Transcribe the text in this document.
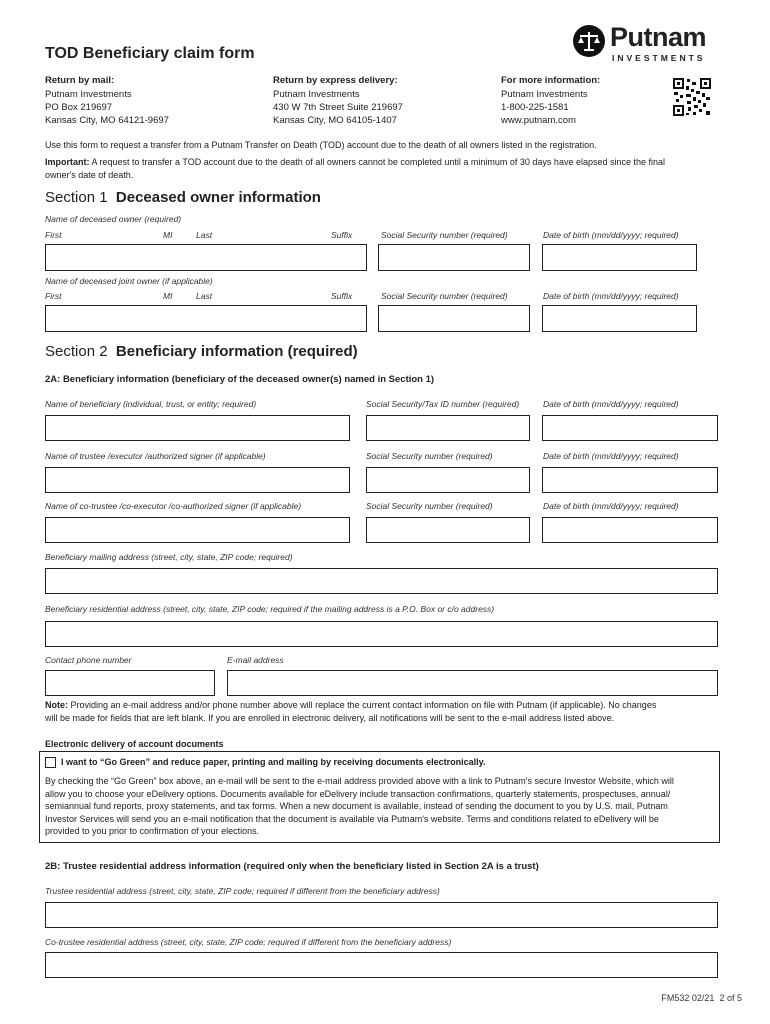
TOD Beneficiary claim form
Putnam
INVESTMENTS
Return by mail:
Putnam Investments
PO Box 219697
Kansas City, MO 64121-9697
Return by express delivery:
Putnam Investments
430 W 7th Street Suite 219697
Kansas City, MO 64105-1407
For more information:
Putnam Investments
1-800-225-1581
www.putnam.com
Use this form to request a transfer from a Putnam Transfer on Death (TOD) account due to the death of all owners listed in the registration.
Important: A request to transfer a TOD account due to the death of all owners cannot be completed until a minimum of 30 days have elapsed since the final
owner's date of death.
Section 1 Deceased owner information
Name of deceased owner (required)
First	MI	Last	Suffix	Social Security number (required)	Date of birth (mm/dd/yyyy; required)
Name of deceased joint owner (if applicable)
First	MI	Last	Suffix	Social Security number (required)	Date of birth (mm/dd/yyyy; required)
Section 2 Beneficiary information (required)
2A: Beneficiary information (beneficiary of the deceased owner(s) named in Section 1)
Name of beneficiary (individual, trust, or entity; required)	Social Security/Tax ID number (required)	Date of birth (mm/dd/yyyy; required)
Name of trustee /executor /authorized signer (if applicable)	Social Security number (required)	Date of birth (mm/dd/yyyy; required)
Name of co-trustee /co-executor /co-authorized signer (if applicable)	Social Security number (required)	Date of birth (mm/dd/yyyy; required)
Beneficiary mailing address (street, city, state, ZIP code; required)
Beneficiary residential address (street, city, state, ZIP code; required if the mailing address is a P.O. Box or c/o address)
Contact phone number	E-mail address
Note: Providing an e-mail address and/or phone number above will replace the current contact information on file with Putnam (if applicable). No changes
will be made for fields that are left blank. If you are enrolled in electronic delivery, all notifications will be sent to the e-mail address listed above.
Electronic delivery of account documents
I want to “Go Green” and reduce paper, printing and mailing by receiving documents electronically.
By checking the “Go Green” box above, an e-mail will be sent to the e-mail address provided above with a link to Putnam's secure Investor Website, which will
allow you to choose your eDelivery options. Documents available for eDelivery include transaction confirmations, quarterly statements, prospectuses, annual/
semiannual fund reports, proxy statements, and tax forms. When a new document is available, instead of sending the document to you by U.S. mail, Putnam
Investor Services will send you an e-mail notification that the document is available via Putnam's website. Terms and conditions related to eDelivery will be
provided to you prior to confirmation of your elections.
2B: Trustee residential address information (required only when the beneficiary listed in Section 2A is a trust)
Trustee residential address (street, city, state, ZIP code; required if different from the beneficiary address)
Co-trustee residential address (street, city, state, ZIP code; required if different from the beneficiary address)
FM532 02/21 2 of 5
